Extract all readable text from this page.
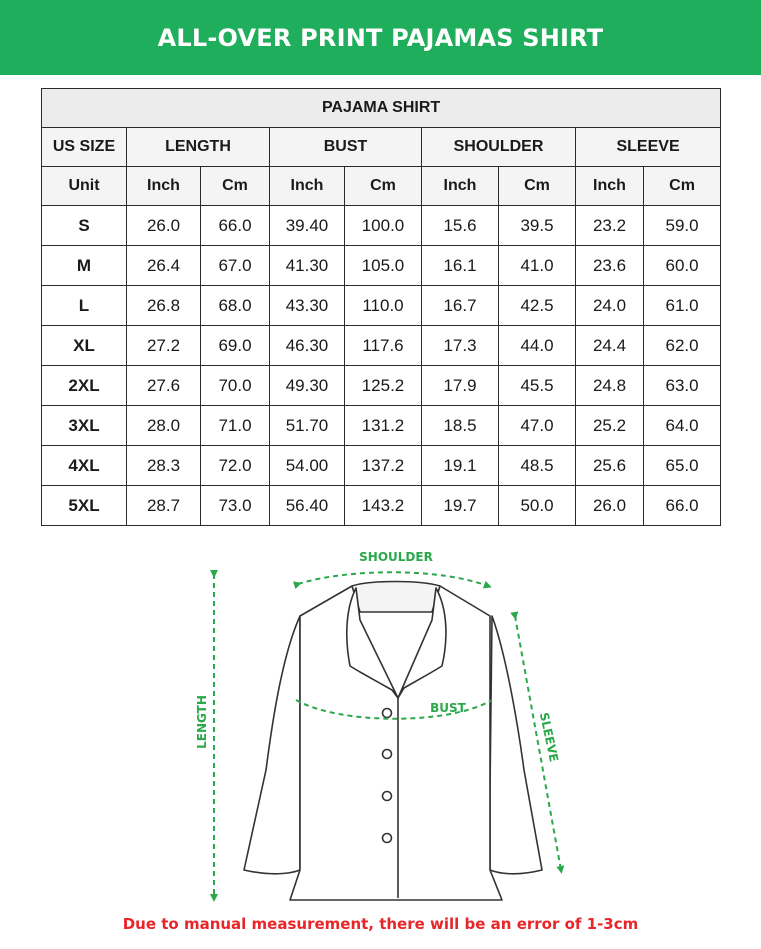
ALL-OVER PRINT PAJAMAS SHIRT
PAJAMA SHIRT								
US SIZE	LENGTH		BUST		SHOULDER		SLEEVE	
Unit	Inch	Cm	Inch	Cm	Inch	Cm	Inch	Cm
S	26.0	66.0	39.40	100.0	15.6	39.5	23.2	59.0
M	26.4	67.0	41.30	105.0	16.1	41.0	23.6	60.0
L	26.8	68.0	43.30	110.0	16.7	42.5	24.0	61.0
XL	27.2	69.0	46.30	117.6	17.3	44.0	24.4	62.0
2XL	27.6	70.0	49.30	125.2	17.9	45.5	24.8	63.0
3XL	28.0	71.0	51.70	131.2	18.5	47.0	25.2	64.0
4XL	28.3	72.0	54.00	137.2	19.1	48.5	25.6	65.0
5XL	28.7	73.0	56.40	143.2	19.7	50.0	26.0	66.0
SHOULDER
BUST
LENGTH	SLEEVE
Due to manual measurement, there will be an error of 1-3cm
